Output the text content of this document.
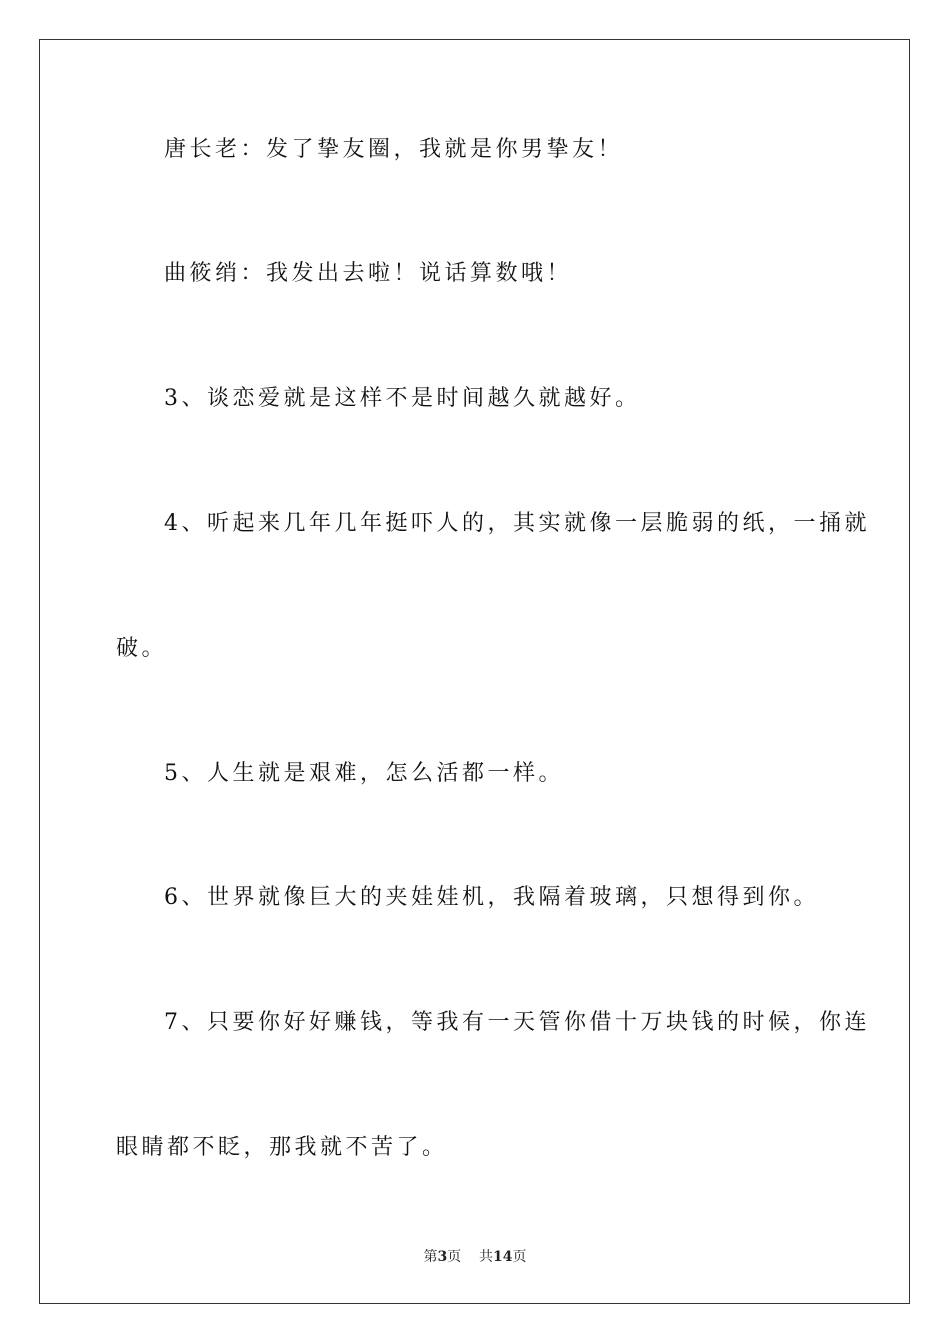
唐长老：发了挚友圈，我就是你男挚友！
曲筱绡：我发出去啦！说话算数哦！
3、谈恋爱就是这样不是时间越久就越好。
4、听起来几年几年挺吓人的，其实就像一层脆弱的纸，一捅就
破。
5、人生就是艰难，怎么活都一样。
6、世界就像巨大的夹娃娃机，我隔着玻璃，只想得到你。
7、只要你好好赚钱，等我有一天管你借十万块钱的时候，你连
眼睛都不眨，那我就不苦了。
第3页 共14页
